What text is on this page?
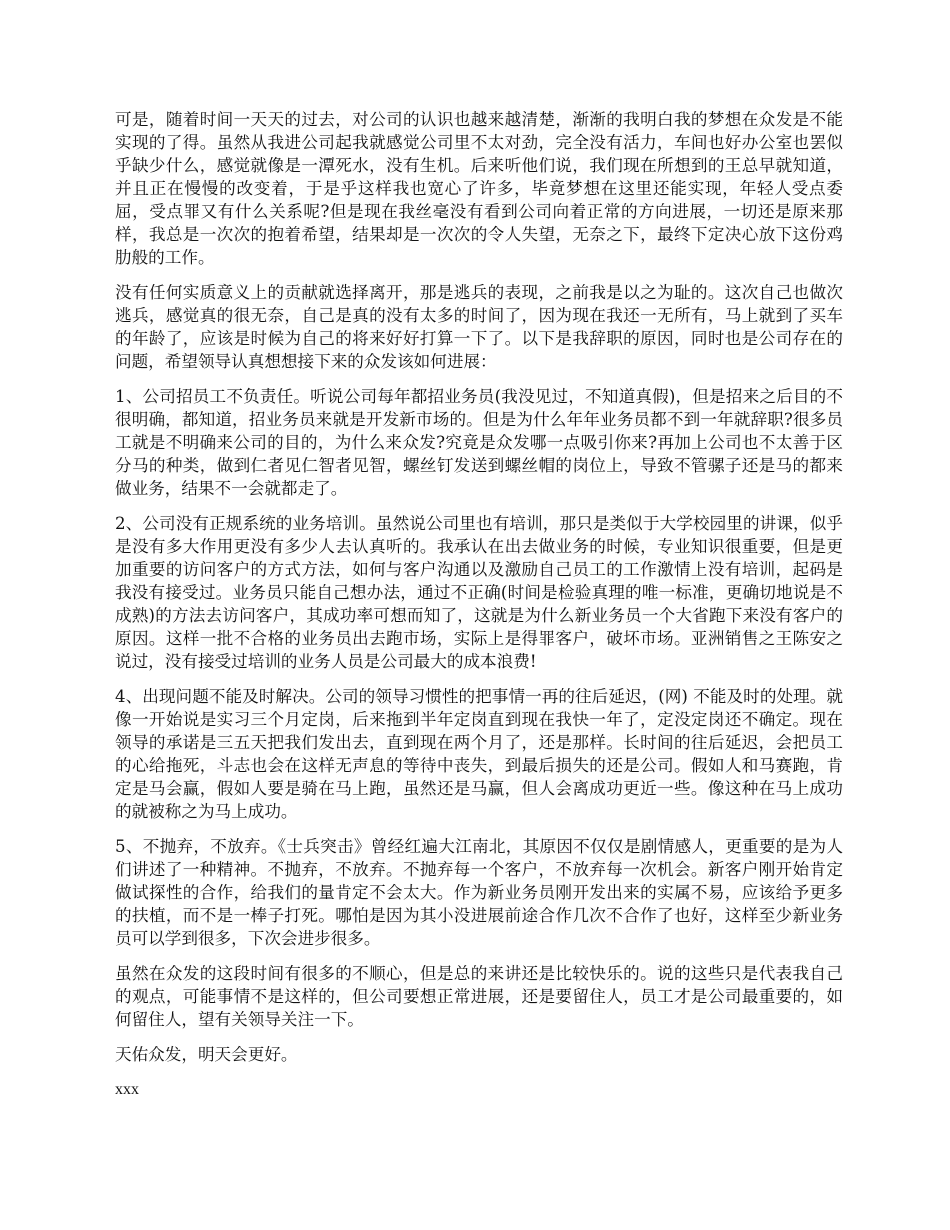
可是，随着时间一天天的过去，对公司的认识也越来越清楚，渐渐的我明白我的梦想在众发是不能实现的了得。虽然从我进公司起我就感觉公司里不太对劲，完全没有活力，车间也好办公室也罢似乎缺少什么，感觉就像是一潭死水，没有生机。后来听他们说，我们现在所想到的王总早就知道，并且正在慢慢的改变着，于是乎这样我也宽心了许多，毕竟梦想在这里还能实现，年轻人受点委屈，受点罪又有什么关系呢?但是现在我丝毫没有看到公司向着正常的方向进展，一切还是原来那样，我总是一次次的抱着希望，结果却是一次次的令人失望，无奈之下，最终下定决心放下这份鸡肋般的工作。

没有任何实质意义上的贡献就选择离开，那是逃兵的表现，之前我是以之为耻的。这次自己也做次逃兵，感觉真的很无奈，自己是真的没有太多的时间了，因为现在我还一无所有，马上就到了买车的年龄了，应该是时候为自己的将来好好打算一下了。以下是我辞职的原因，同时也是公司存在的问题，希望领导认真想想接下来的众发该如何进展：

1、公司招员工不负责任。听说公司每年都招业务员(我没见过，不知道真假)，但是招来之后目的不很明确，都知道，招业务员来就是开发新市场的。但是为什么年年业务员都不到一年就辞职?很多员工就是不明确来公司的目的，为什么来众发?究竟是众发哪一点吸引你来?再加上公司也不太善于区分马的种类，做到仁者见仁智者见智，螺丝钉发送到螺丝帽的岗位上，导致不管骡子还是马的都来做业务，结果不一会就都走了。

2、公司没有正规系统的业务培训。虽然说公司里也有培训，那只是类似于大学校园里的讲课，似乎是没有多大作用更没有多少人去认真听的。我承认在出去做业务的时候，专业知识很重要，但是更加重要的访问客户的方式方法，如何与客户沟通以及激励自己员工的工作激情上没有培训，起码是我没有接受过。业务员只能自己想办法，通过不正确(时间是检验真理的唯一标准，更确切地说是不成熟)的方法去访问客户，其成功率可想而知了，这就是为什么新业务员一个大省跑下来没有客户的原因。这样一批不合格的业务员出去跑市场，实际上是得罪客户，破坏市场。亚洲销售之王陈安之说过，没有接受过培训的业务人员是公司最大的成本浪费!

4、出现问题不能及时解决。公司的领导习惯性的把事情一再的往后延迟，(网) 不能及时的处理。就像一开始说是实习三个月定岗，后来拖到半年定岗直到现在我快一年了，定没定岗还不确定。现在领导的承诺是三五天把我们发出去，直到现在两个月了，还是那样。长时间的往后延迟，会把员工的心给拖死，斗志也会在这样无声息的等待中丧失，到最后损失的还是公司。假如人和马赛跑，肯定是马会赢，假如人要是骑在马上跑，虽然还是马赢，但人会离成功更近一些。像这种在马上成功的就被称之为马上成功。

5、不抛弃，不放弃。《士兵突击》曾经红遍大江南北，其原因不仅仅是剧情感人，更重要的是为人们讲述了一种精神。不抛弃，不放弃。不抛弃每一个客户，不放弃每一次机会。新客户刚开始肯定做试探性的合作，给我们的量肯定不会太大。作为新业务员刚开发出来的实属不易，应该给予更多的扶植，而不是一棒子打死。哪怕是因为其小没进展前途合作几次不合作了也好，这样至少新业务员可以学到很多，下次会进步很多。

虽然在众发的这段时间有很多的不顺心，但是总的来讲还是比较快乐的。说的这些只是代表我自己的观点，可能事情不是这样的，但公司要想正常进展，还是要留住人，员工才是公司最重要的，如何留住人，望有关领导关注一下。

天佑众发，明天会更好。

xxx
